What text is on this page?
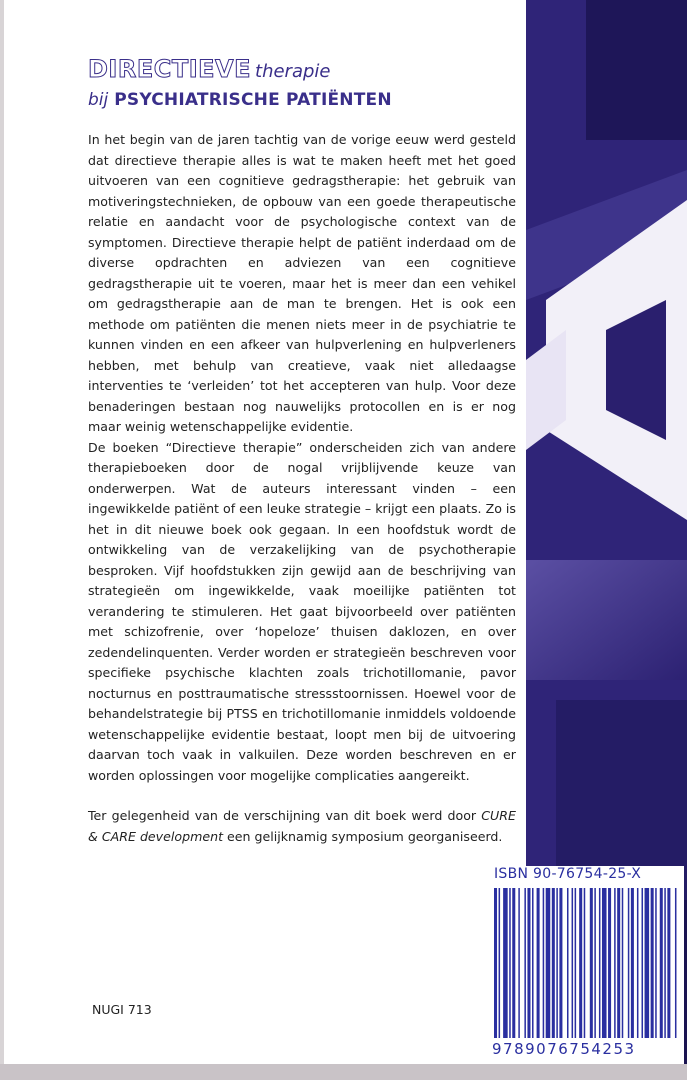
DIRECTIEVE therapie
bij PSYCHIATRISCHE PATIËNTEN

In het begin van de jaren tachtig van de vorige eeuw werd gesteld dat directieve therapie alles is wat te maken heeft met het goed uitvoeren van een cognitieve gedragstherapie: het gebruik van motiveringstechnieken, de opbouw van een goede therapeutische relatie en aandacht voor de psychologische context van de symptomen. Directieve therapie helpt de patiënt inderdaad om de diverse opdrachten en adviezen van een cognitieve gedragstherapie uit te voeren, maar het is meer dan een vehikel om gedragstherapie aan de man te brengen. Het is ook een methode om patiënten die menen niets meer in de psychiatrie te kunnen vinden en een afkeer van hulpverlening en hulpverleners hebben, met behulp van creatieve, vaak niet alledaagse interventies te ‘verleiden’ tot het accepteren van hulp. Voor deze benaderingen bestaan nog nauwelijks protocollen en is er nog maar weinig wetenschappelijke evidentie.

De boeken “Directieve therapie” onderscheiden zich van andere therapieboeken door de nogal vrijblijvende keuze van onderwerpen. Wat de auteurs interessant vinden – een ingewikkelde patiënt of een leuke strategie – krijgt een plaats. Zo is het in dit nieuwe boek ook gegaan. In een hoofdstuk wordt de ontwikkeling van de verzakelijking van de psychotherapie besproken. Vijf hoofdstukken zijn gewijd aan de beschrijving van strategieën om ingewikkelde, vaak moeilijke patiënten tot verandering te stimuleren. Het gaat bijvoorbeeld over patiënten met schizofrenie, over ‘hopeloze’ thuisen daklozen, en over zedendelinquenten. Verder worden er strategieën beschreven voor specifieke psychische klachten zoals trichotillomanie, pavor nocturnus en posttraumatische stressstoornissen. Hoewel voor de behandelstrategie bij PTSS en trichotillomanie inmiddels voldoende wetenschappelijke evidentie bestaat, loopt men bij de uitvoering daarvan toch vaak in valkuilen. Deze worden beschreven en er worden oplossingen voor mogelijke complicaties aangereikt.

Ter gelegenheid van de verschijning van dit boek werd door CURE & CARE development een gelijknamig symposium georganiseerd.

NUGI 713
ISBN 90-76754-25-X
9789076754253
